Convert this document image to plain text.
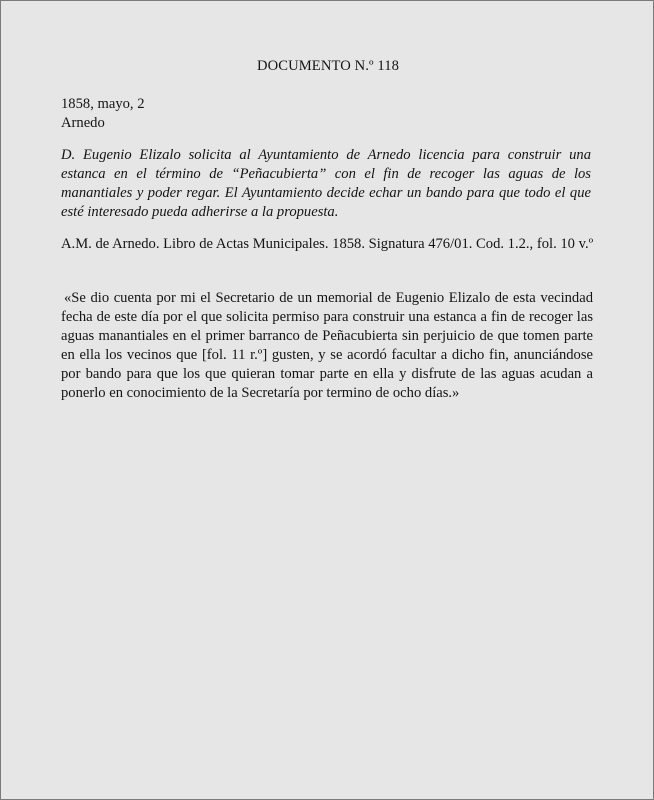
DOCUMENTO N.º 118
1858, mayo, 2
Arnedo
D. Eugenio Elizalo solicita al Ayuntamiento de Arnedo licencia para construir una estanca en el término de “Peñacubierta” con el fin de recoger las aguas de los manantiales y poder regar. El Ayuntamiento decide echar un bando para que todo el que esté interesado pueda adherirse a la propuesta.
A.M. de Arnedo. Libro de Actas Municipales. 1858. Signatura 476/01. Cod. 1.2., fol. 10 v.º
«Se dio cuenta por mi el Secretario de un memorial de Eugenio Elizalo de esta vecindad fecha de este día por el que solicita permiso para construir una estanca a fin de recoger las aguas manantiales en el primer barranco de Peñacubierta sin perjuicio de que tomen parte en ella los vecinos que [fol. 11 r.º] gusten, y se acordó facultar a dicho fin, anunciándose por bando para que los que quieran tomar parte en ella y disfrute de las aguas acudan a ponerlo en conocimiento de la Secretaría por termino de ocho días.»
